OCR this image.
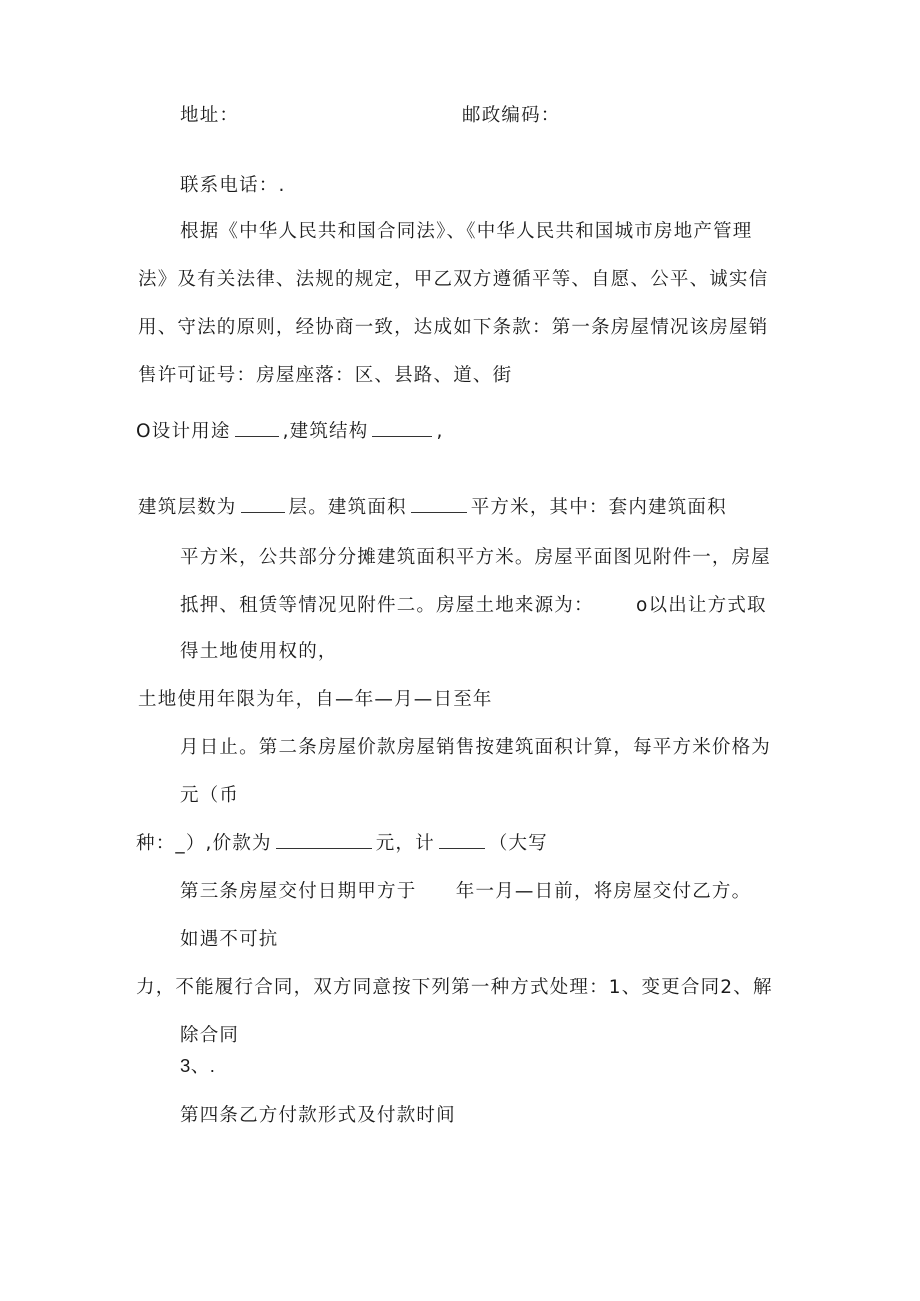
地址：	邮政编码：
联系电话：.
根据《中华人民共和国合同法》、《中华人民共和国城市房地产管理
法》及有关法律、法规的规定，甲乙双方遵循平等、自愿、公平、诚实信
用、守法的原则，经协商一致，达成如下条款：第一条房屋情况该房屋销
售许可证号：房屋座落：区、县路、道、街
O设计用途	,建筑结构	,
建筑层数为	层。建筑面积	平方米，其中：套内建筑面积
平方米，公共部分分摊建筑面积平方米。房屋平面图见附件一，房屋
抵押、租赁等情况见附件二。房屋土地来源为： o以出让方式取
得土地使用权的，
土地使用年限为年，自—年—月—日至年
月日止。第二条房屋价款房屋销售按建筑面积计算，每平方米价格为
元（币
种：_）,价款为	元，计	（大写
第三条房屋交付日期甲方于　　年一月—日前，将房屋交付乙方。
如遇不可抗
力，不能履行合同，双方同意按下列第一种方式处理：1、变更合同2、解
除合同
3、.
第四条乙方付款形式及付款时间
